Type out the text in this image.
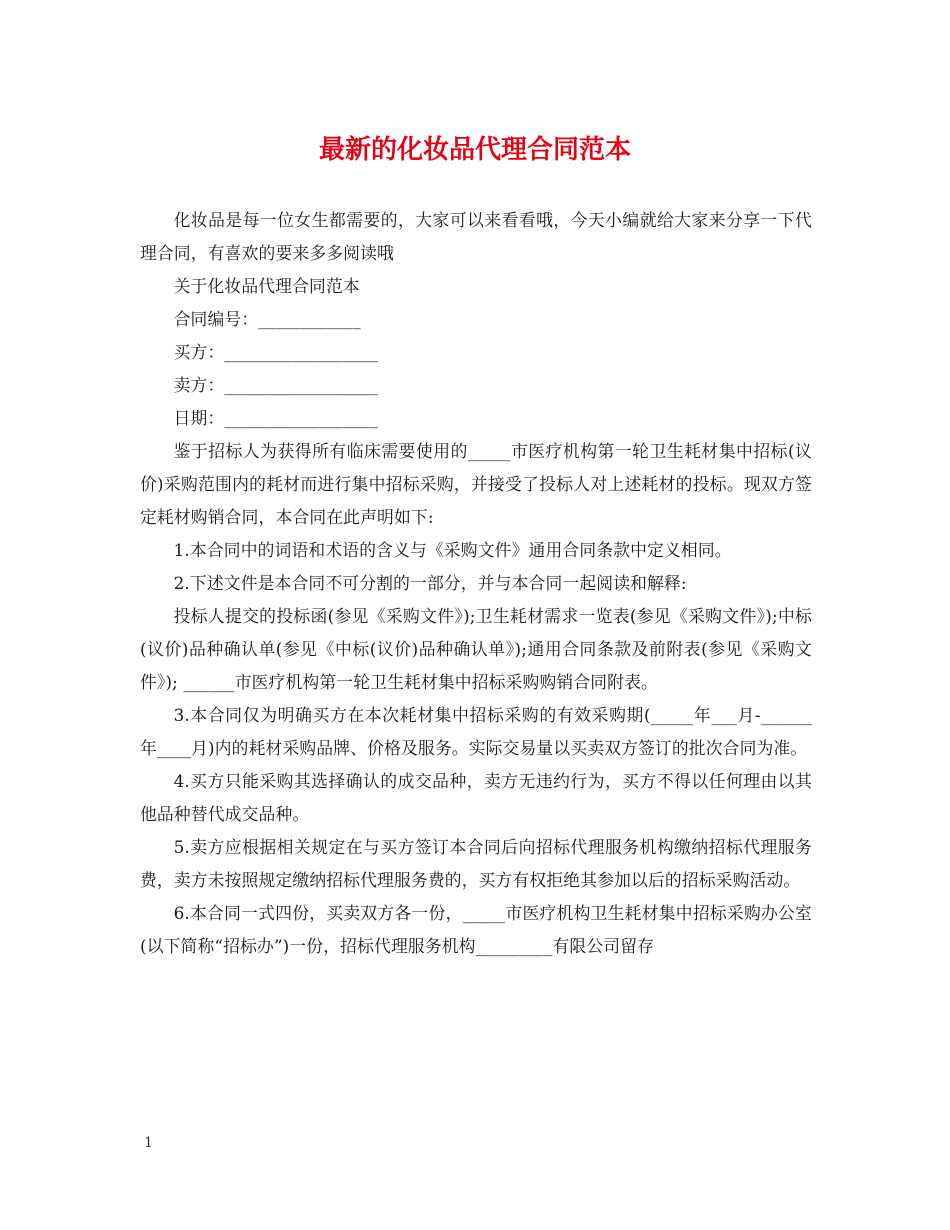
最新的化妆品代理合同范本

化妆品是每一位女生都需要的，大家可以来看看哦，今天小编就给大家来分享一下代理合同，有喜欢的要来多多阅读哦

关于化妆品代理合同范本

合同编号：____________

买方：__________________

卖方：__________________

日期：__________________

鉴于招标人为获得所有临床需要使用的_____市医疗机构第一轮卫生耗材集中招标(议价)采购范围内的耗材而进行集中招标采购，并接受了投标人对上述耗材的投标。现双方签定耗材购销合同，本合同在此声明如下:

1.本合同中的词语和术语的含义与《采购文件》通用合同条款中定义相同。

2.下述文件是本合同不可分割的一部分，并与本合同一起阅读和解释:

投标人提交的投标函(参见《采购文件》);卫生耗材需求一览表(参见《采购文件》);中标(议价)品种确认单(参见《中标(议价)品种确认单》);通用合同条款及前附表(参见《采购文件》); ______市医疗机构第一轮卫生耗材集中招标采购购销合同附表。

3.本合同仅为明确买方在本次耗材集中招标采购的有效采购期(_____年___月-______年____月)内的耗材采购品牌、价格及服务。实际交易量以买卖双方签订的批次合同为准。

4.买方只能采购其选择确认的成交品种，卖方无违约行为，买方不得以任何理由以其他品种替代成交品种。

5.卖方应根据相关规定在与买方签订本合同后向招标代理服务机构缴纳招标代理服务费，卖方未按照规定缴纳招标代理服务费的，买方有权拒绝其参加以后的招标采购活动。

6.本合同一式四份，买卖双方各一份，_____市医疗机构卫生耗材集中招标采购办公室(以下简称“招标办”)一份，招标代理服务机构_________有限公司留存

1
